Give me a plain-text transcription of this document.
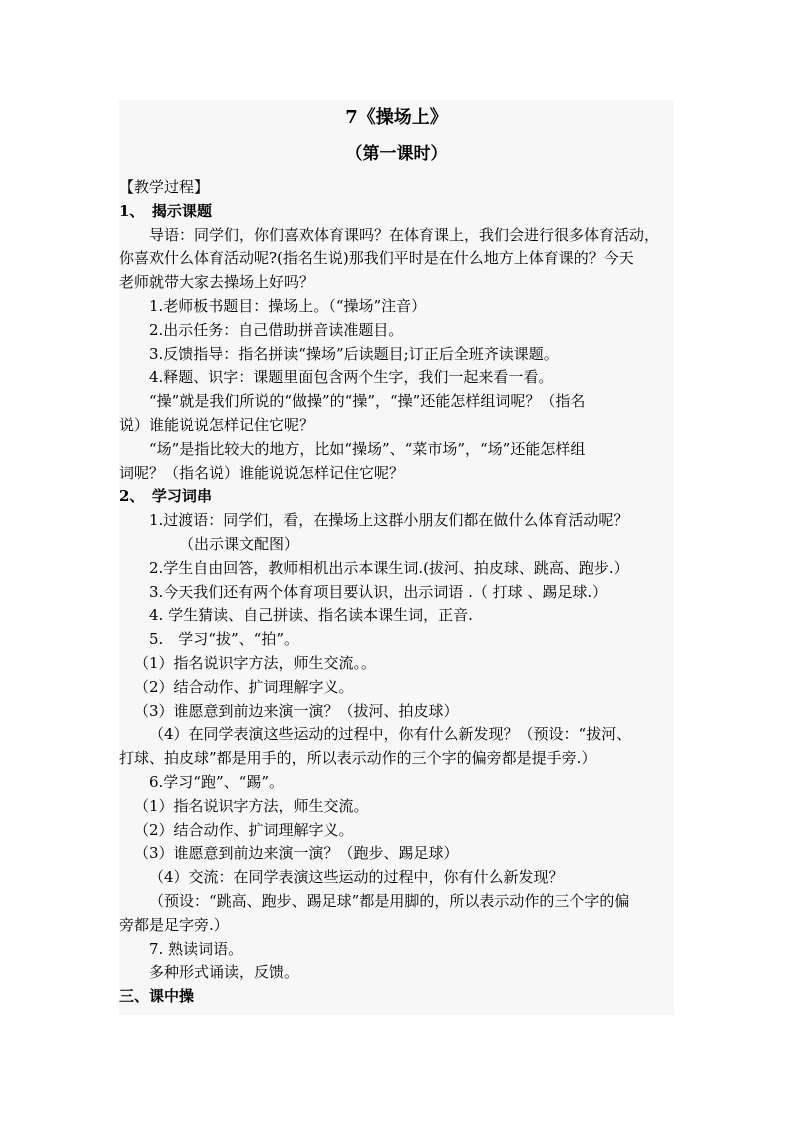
7《操场上》
（第一课时）
【教学过程】
1、　揭示课题
导语：同学们，你们喜欢体育课吗？在体育课上，我们会进行很多体育活动，
你喜欢什么体育活动呢?(指名生说)那我们平时是在什么地方上体育课的？今天
老师就带大家去操场上好吗？
1.老师板书题目：操场上。（“操场”注音）
2.出示任务：自己借助拼音读准题目。
3.反馈指导：指名拼读“操场”后读题目;订正后全班齐读课题。
4.释题、识字：课题里面包含两个生字，我们一起来看一看。
“操”就是我们所说的“做操”的“操”，“操”还能怎样组词呢？（指名
说）谁能说说怎样记住它呢？
“场”是指比较大的地方，比如“操场”、“菜市场”，“场”还能怎样组
词呢？（指名说）谁能说说怎样记住它呢？
2、　学习词串
1.过渡语：同学们，看，在操场上这群小朋友们都在做什么体育活动呢？
（出示课文配图）
2.学生自由回答，教师相机出示本课生词.(拔河、拍皮球、跳高、跑步.）
3.今天我们还有两个体育项目要认识，出示词语 .（ 打球 、踢足球.）
4. 学生猜读、自己拼读、指名读本课生词，正音.
5.　学习“拔”、“拍”。
（1）指名说识字方法，师生交流。。
（2）结合动作、扩词理解字义。
（3）谁愿意到前边来演一演？（拔河、拍皮球）
（4）在同学表演这些运动的过程中，你有什么新发现？（预设：“拔河、
打球、拍皮球”都是用手的，所以表示动作的三个字的偏旁都是提手旁.）
6.学习“跑”、“踢”。
（1）指名说识字方法，师生交流。
（2）结合动作、扩词理解字义。
（3）谁愿意到前边来演一演？（跑步、踢足球）
（4）交流：在同学表演这些运动的过程中，你有什么新发现？
（预设：“跳高、跑步、踢足球”都是用脚的，所以表示动作的三个字的偏
旁都是足字旁.）
7. 熟读词语。
多种形式诵读，反馈。
三、课中操
